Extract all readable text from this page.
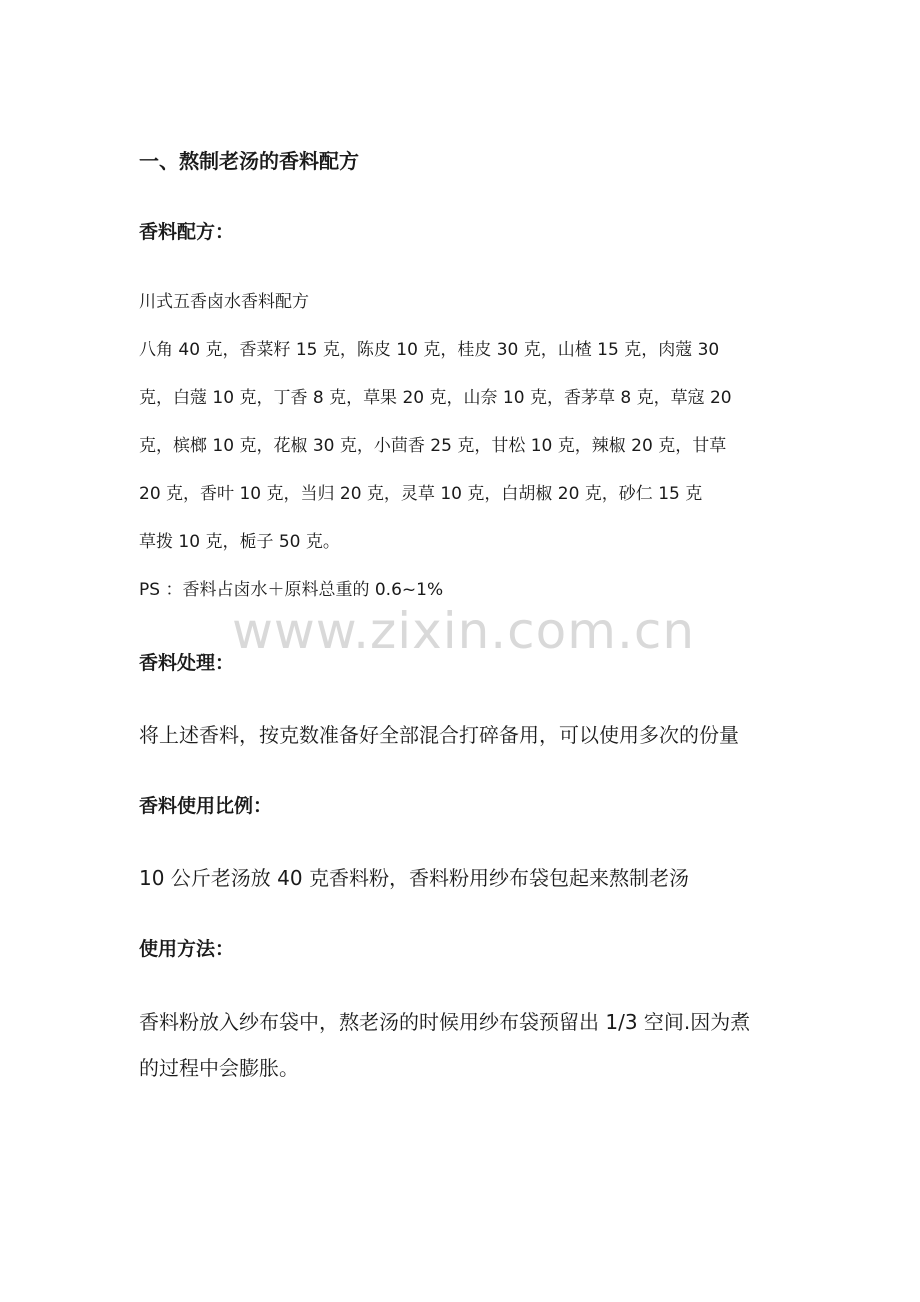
一、熬制老汤的香料配方
香料配方：
川式五香卤水香料配方
八角 40 克，香菜籽 15 克，陈皮 10 克，桂皮 30 克，山楂 15 克，肉蔻 30
克，白蔻 10 克，丁香 8 克，草果 20 克，山奈 10 克，香茅草 8 克，草寇 20
克，槟榔 10 克，花椒 30 克，小茴香 25 克，甘松 10 克，辣椒 20 克，甘草
20 克，香叶 10 克，当归 20 克，灵草 10 克，白胡椒 20 克，砂仁 15 克
草拨 10 克，栀子 50 克。
PS ：香料占卤水＋原料总重的 0.6~1%
www.zixin.com.cn
香料处理：
将上述香料，按克数准备好全部混合打碎备用，可以使用多次的份量
香料使用比例：
10 公斤老汤放 40 克香料粉，香料粉用纱布袋包起来熬制老汤
使用方法：
香料粉放入纱布袋中，熬老汤的时候用纱布袋预留出 1/3 空间.因为煮
的过程中会膨胀。
